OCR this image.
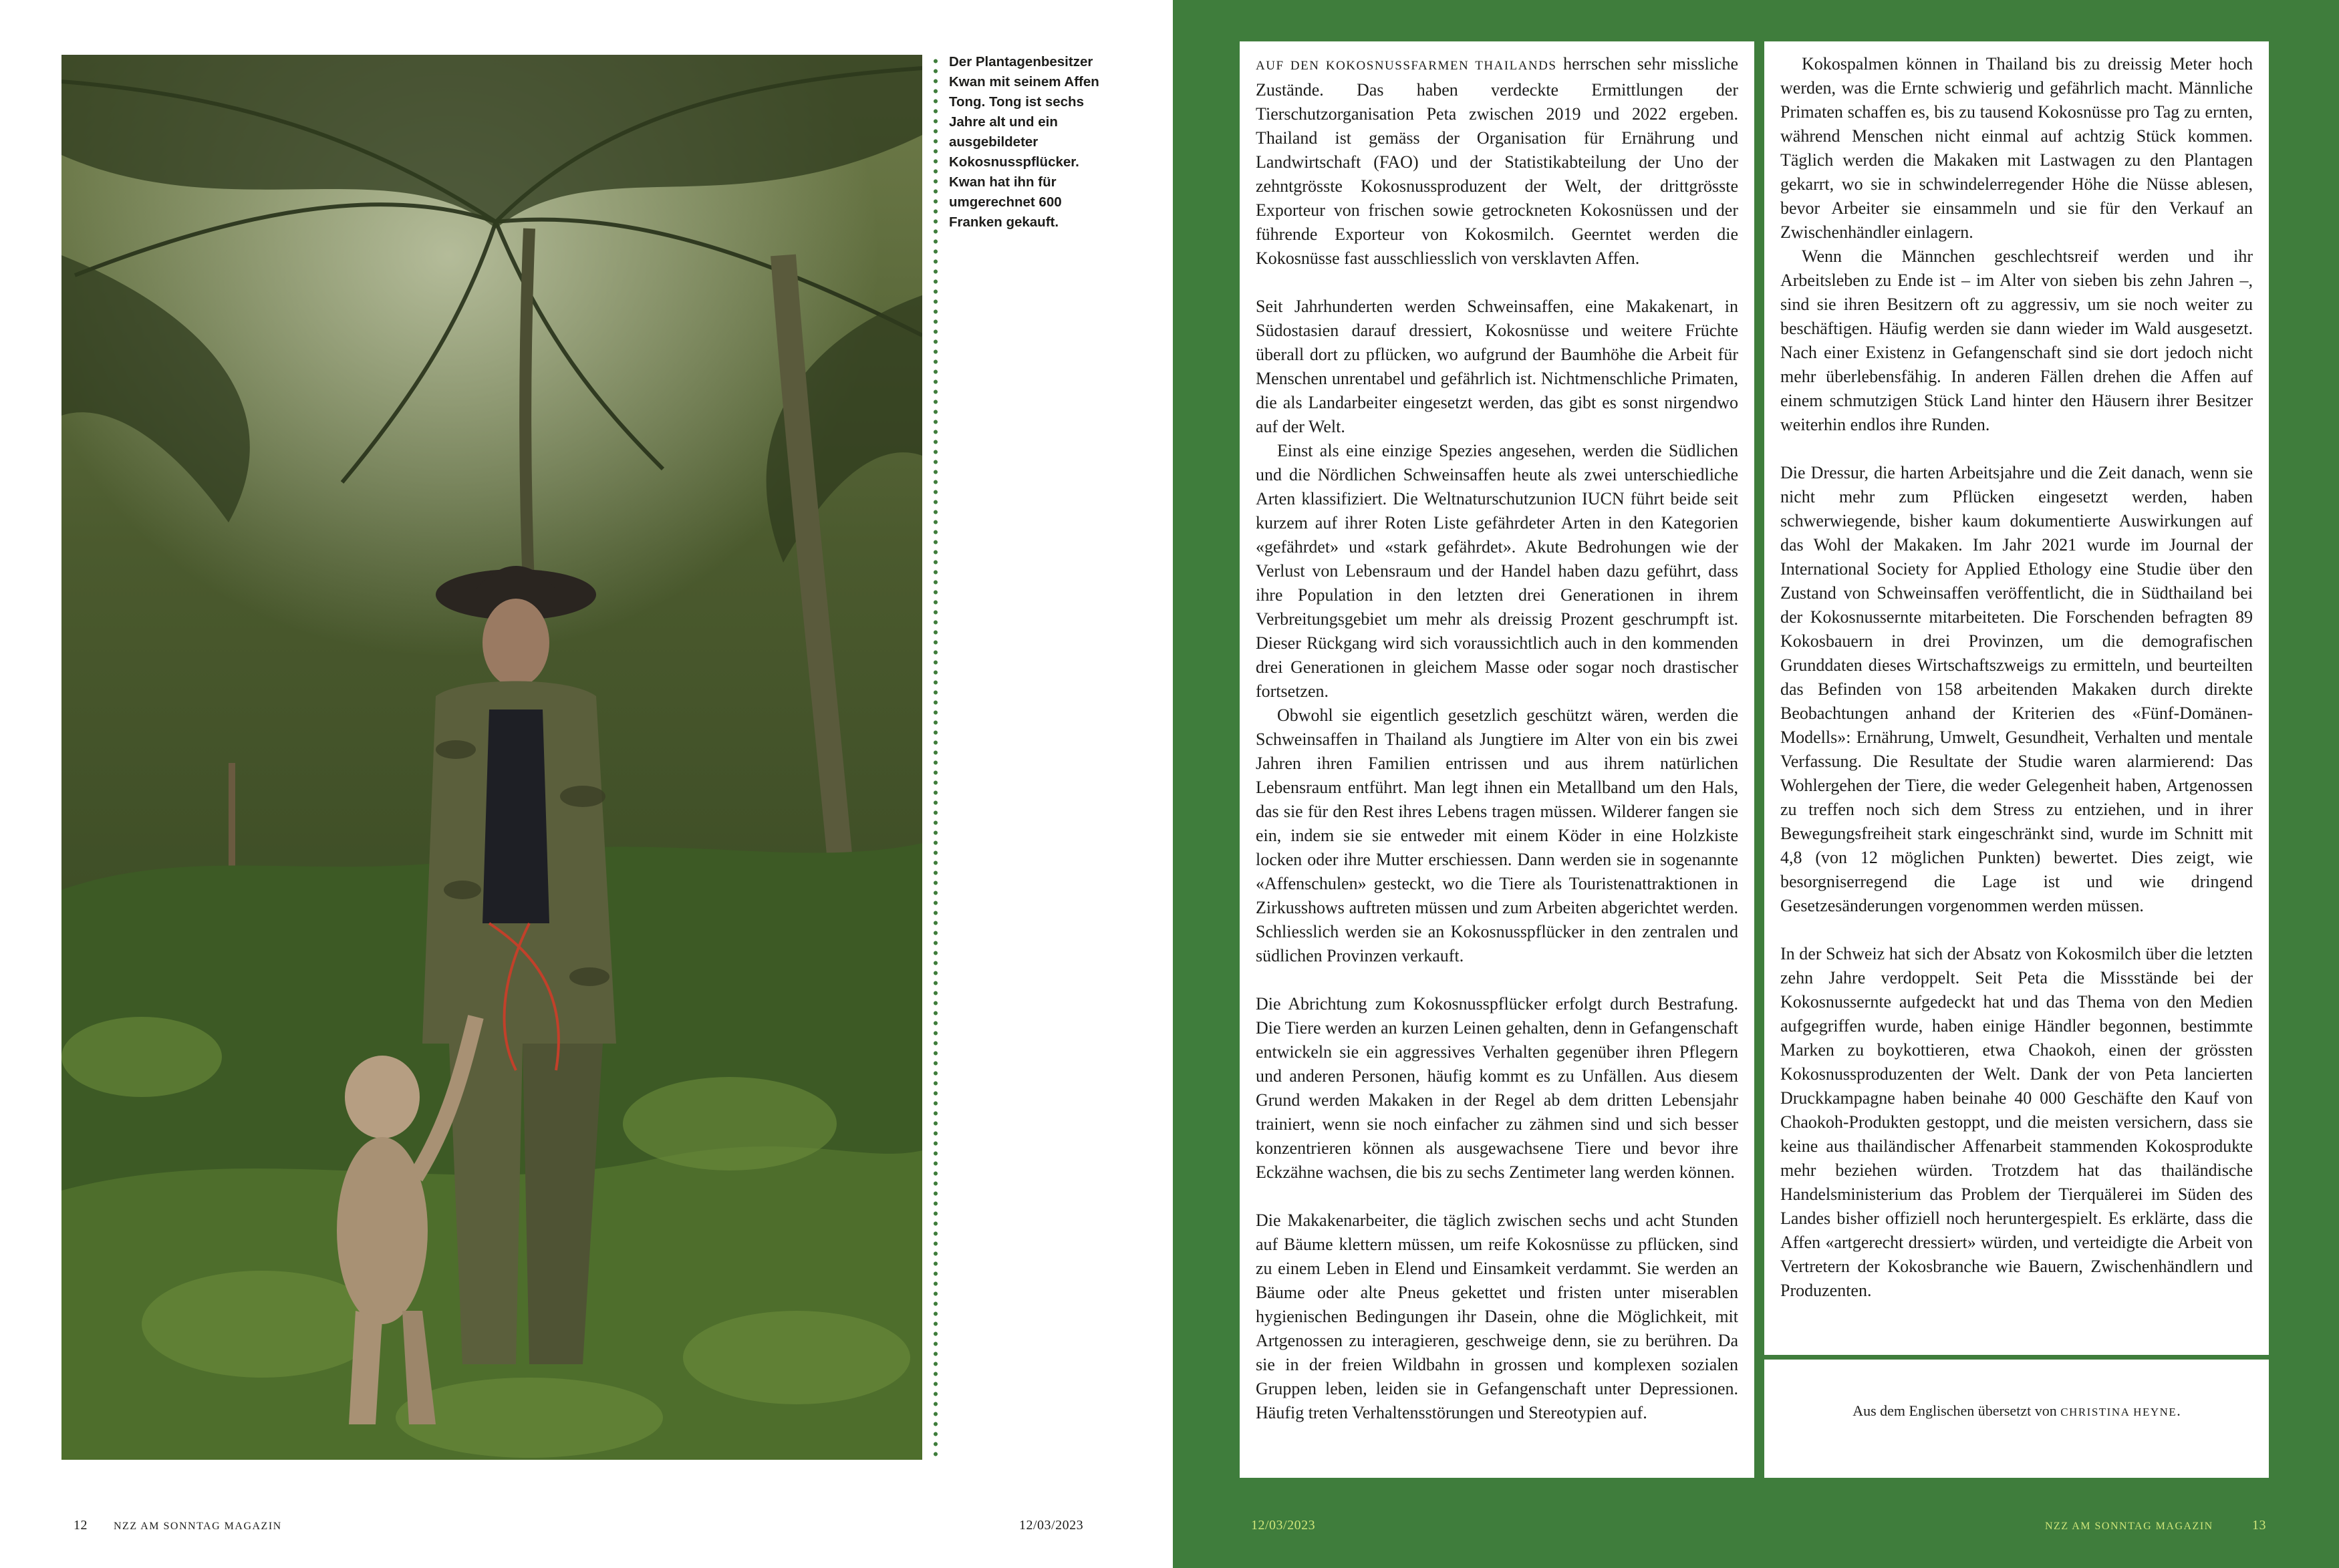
Der Plantagenbesitzer Kwan mit seinem Affen Tong. Tong ist sechs Jahre alt und ein ausgebildeter Kokosnusspflücker. Kwan hat ihn für umgerechnet 600 Franken gekauft.
12 NZZ AM SONNTAG MAGAZIN	12/03/2023

AUF DEN KOKOSNUSSFARMEN THAILANDS herrschen sehr missliche Zustände. Das haben verdeckte Ermittlungen der Tierschutzorganisation Peta zwischen 2019 und 2022 ergeben. Thailand ist gemäss der Organisation für Ernährung und Landwirtschaft (FAO) und der Statistikabteilung der Uno der zehntgrösste Kokosnussproduzent der Welt, der drittgrösste Exporteur von frischen sowie getrockneten Kokosnüssen und der führende Exporteur von Kokosmilch. Geerntet werden die Kokosnüsse fast ausschliesslich von versklavten Affen.

Seit Jahrhunderten werden Schweinsaffen, eine Makakenart, in Südostasien darauf dressiert, Kokosnüsse und weitere Früchte überall dort zu pflücken, wo aufgrund der Baumhöhe die Arbeit für Menschen unrentabel und gefährlich ist. Nichtmenschliche Primaten, die als Landarbeiter eingesetzt werden, das gibt es sonst nirgendwo auf der Welt.

Einst als eine einzige Spezies angesehen, werden die Südlichen und die Nördlichen Schweinsaffen heute als zwei unterschiedliche Arten klassifiziert. Die Weltnaturschutzunion IUCN führt beide seit kurzem auf ihrer Roten Liste gefährdeter Arten in den Kategorien «gefährdet» und «stark gefährdet». Akute Bedrohungen wie der Verlust von Lebensraum und der Handel haben dazu geführt, dass ihre Population in den letzten drei Generationen in ihrem Verbreitungsgebiet um mehr als dreissig Prozent geschrumpft ist. Dieser Rückgang wird sich voraussichtlich auch in den kommenden drei Generationen in gleichem Masse oder sogar noch drastischer fortsetzen.

Obwohl sie eigentlich gesetzlich geschützt wären, werden die Schweinsaffen in Thailand als Jungtiere im Alter von ein bis zwei Jahren ihren Familien entrissen und aus ihrem natürlichen Lebensraum entführt. Man legt ihnen ein Metallband um den Hals, das sie für den Rest ihres Lebens tragen müssen. Wilderer fangen sie ein, indem sie sie entweder mit einem Köder in eine Holzkiste locken oder ihre Mutter erschiessen. Dann werden sie in sogenannte «Affenschulen» gesteckt, wo die Tiere als Touristenattraktionen in Zirkusshows auftreten müssen und zum Arbeiten abgerichtet werden. Schliesslich werden sie an Kokosnusspflücker in den zentralen und südlichen Provinzen verkauft.

Die Abrichtung zum Kokosnusspflücker erfolgt durch Bestrafung. Die Tiere werden an kurzen Leinen gehalten, denn in Gefangenschaft entwickeln sie ein aggressives Verhalten gegenüber ihren Pflegern und anderen Personen, häufig kommt es zu Unfällen. Aus diesem Grund werden Makaken in der Regel ab dem dritten Lebensjahr trainiert, wenn sie noch einfacher zu zähmen sind und sich besser konzentrieren können als ausgewachsene Tiere und bevor ihre Eckzähne wachsen, die bis zu sechs Zentimeter lang werden können.

Die Makakenarbeiter, die täglich zwischen sechs und acht Stunden auf Bäume klettern müssen, um reife Kokosnüsse zu pflücken, sind zu einem Leben in Elend und Einsamkeit verdammt. Sie werden an Bäume oder alte Pneus gekettet und fristen unter miserablen hygienischen Bedingungen ihr Dasein, ohne die Möglichkeit, mit Artgenossen zu interagieren, geschweige denn, sie zu berühren. Da sie in der freien Wildbahn in grossen und komplexen sozialen Gruppen leben, leiden sie in Gefangenschaft unter Depressionen. Häufig treten Verhaltensstörungen und Stereotypien auf.

Kokospalmen können in Thailand bis zu dreissig Meter hoch werden, was die Ernte schwierig und gefährlich macht. Männliche Primaten schaffen es, bis zu tausend Kokosnüsse pro Tag zu ernten, während Menschen nicht einmal auf achtzig Stück kommen. Täglich werden die Makaken mit Lastwagen zu den Plantagen gekarrt, wo sie in schwindelerregender Höhe die Nüsse ablesen, bevor Arbeiter sie einsammeln und sie für den Verkauf an Zwischenhändler einlagern.

Wenn die Männchen geschlechtsreif werden und ihr Arbeitsleben zu Ende ist – im Alter von sieben bis zehn Jahren –, sind sie ihren Besitzern oft zu aggressiv, um sie noch weiter zu beschäftigen. Häufig werden sie dann wieder im Wald ausgesetzt. Nach einer Existenz in Gefangenschaft sind sie dort jedoch nicht mehr überlebensfähig. In anderen Fällen drehen die Affen auf einem schmutzigen Stück Land hinter den Häusern ihrer Besitzer weiterhin endlos ihre Runden.

Die Dressur, die harten Arbeitsjahre und die Zeit danach, wenn sie nicht mehr zum Pflücken eingesetzt werden, haben schwerwiegende, bisher kaum dokumentierte Auswirkungen auf das Wohl der Makaken. Im Jahr 2021 wurde im Journal der International Society for Applied Ethology eine Studie über den Zustand von Schweinsaffen veröffentlicht, die in Südthailand bei der Kokosnussernte mitarbeiteten. Die Forschenden befragten 89 Kokosbauern in drei Provinzen, um die demografischen Grunddaten dieses Wirtschaftszweigs zu ermitteln, und beurteilten das Befinden von 158 arbeitenden Makaken durch direkte Beobachtungen anhand der Kriterien des «Fünf-Domänen-Modells»: Ernährung, Umwelt, Gesundheit, Verhalten und mentale Verfassung. Die Resultate der Studie waren alarmierend: Das Wohlergehen der Tiere, die weder Gelegenheit haben, Artgenossen zu treffen noch sich dem Stress zu entziehen, und in ihrer Bewegungsfreiheit stark eingeschränkt sind, wurde im Schnitt mit 4,8 (von 12 möglichen Punkten) bewertet. Dies zeigt, wie besorgniserregend die Lage ist und wie dringend Gesetzesänderungen vorgenommen werden müssen.

In der Schweiz hat sich der Absatz von Kokosmilch über die letzten zehn Jahre verdoppelt. Seit Peta die Missstände bei der Kokosnussernte aufgedeckt hat und das Thema von den Medien aufgegriffen wurde, haben einige Händler begonnen, bestimmte Marken zu boykottieren, etwa Chaokoh, einen der grössten Kokosnussproduzenten der Welt. Dank der von Peta lancierten Druckkampagne haben beinahe 40 000 Geschäfte den Kauf von Chaokoh-Produkten gestoppt, und die meisten versichern, dass sie keine aus thailändischer Affenarbeit stammenden Kokosprodukte mehr beziehen würden. Trotzdem hat das thailändische Handelsministerium das Problem der Tierquälerei im Süden des Landes bisher offiziell noch heruntergespielt. Es erklärte, dass die Affen «artgerecht dressiert» würden, und verteidigte die Arbeit von Vertretern der Kokosbranche wie Bauern, Zwischenhändlern und Produzenten.

Aus dem Englischen übersetzt von CHRISTINA HEYNE.
12/03/2023	NZZ AM SONNTAG MAGAZIN	13
